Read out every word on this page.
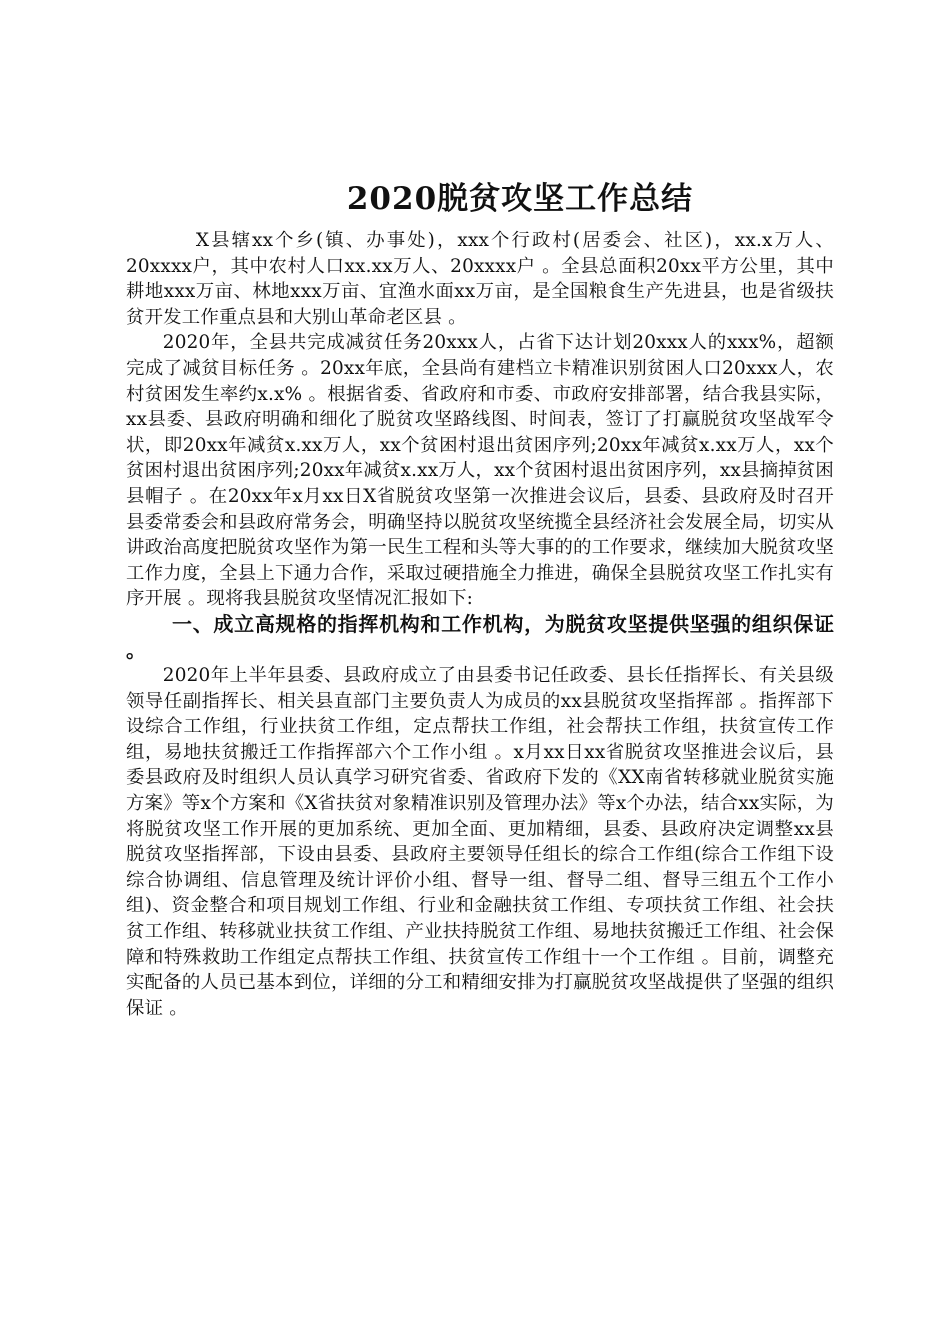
2020脱贫攻坚工作总结

X县辖xx个乡(镇、办事处)，xxx个行政村(居委会、社区)，xx.x万人、20xxxx户，其中农村人口xx.xx万人、20xxxx户 。全县总面积20xx平方公里，其中耕地xxx万亩、林地xxx万亩、宜渔水面xx万亩，是全国粮食生产先进县，也是省级扶贫开发工作重点县和大别山革命老区县 。

2020年，全县共完成减贫任务20xxx人，占省下达计划20xxx人的xxx%，超额完成了减贫目标任务 。20xx年底，全县尚有建档立卡精准识别贫困人口20xxx人，农村贫困发生率约x.x% 。根据省委、省政府和市委、市政府安排部署，结合我县实际，xx县委、县政府明确和细化了脱贫攻坚路线图、时间表，签订了打赢脱贫攻坚战军令状，即20xx年减贫x.xx万人，xx个贫困村退出贫困序列;20xx年减贫x.xx万人，xx个贫困村退出贫困序列;20xx年减贫x.xx万人，xx个贫困村退出贫困序列，xx县摘掉贫困县帽子 。在20xx年x月xx日X省脱贫攻坚第一次推进会议后，县委、县政府及时召开县委常委会和县政府常务会，明确坚持以脱贫攻坚统揽全县经济社会发展全局，切实从讲政治高度把脱贫攻坚作为第一民生工程和头等大事的的工作要求，继续加大脱贫攻坚工作力度，全县上下通力合作，采取过硬措施全力推进，确保全县脱贫攻坚工作扎实有序开展 。现将我县脱贫攻坚情况汇报如下:

一、成立高规格的指挥机构和工作机构，为脱贫攻坚提供坚强的组织保证 。

2020年上半年县委、县政府成立了由县委书记任政委、县长任指挥长、有关县级领导任副指挥长、相关县直部门主要负责人为成员的xx县脱贫攻坚指挥部 。指挥部下设综合工作组，行业扶贫工作组，定点帮扶工作组，社会帮扶工作组，扶贫宣传工作组，易地扶贫搬迁工作指挥部六个工作小组 。x月xx日xx省脱贫攻坚推进会议后，县委县政府及时组织人员认真学习研究省委、省政府下发的《XX南省转移就业脱贫实施方案》等x个方案和《X省扶贫对象精准识别及管理办法》等x个办法，结合xx实际，为将脱贫攻坚工作开展的更加系统、更加全面、更加精细，县委、县政府决定调整xx县脱贫攻坚指挥部，下设由县委、县政府主要领导任组长的综合工作组(综合工作组下设综合协调组、信息管理及统计评价小组、督导一组、督导二组、督导三组五个工作小组)、资金整合和项目规划工作组、行业和金融扶贫工作组、专项扶贫工作组、社会扶贫工作组、转移就业扶贫工作组、产业扶持脱贫工作组、易地扶贫搬迁工作组、社会保障和特殊救助工作组定点帮扶工作组、扶贫宣传工作组十一个工作组 。目前，调整充实配备的人员已基本到位，详细的分工和精细安排为打赢脱贫攻坚战提供了坚强的组织保证 。
